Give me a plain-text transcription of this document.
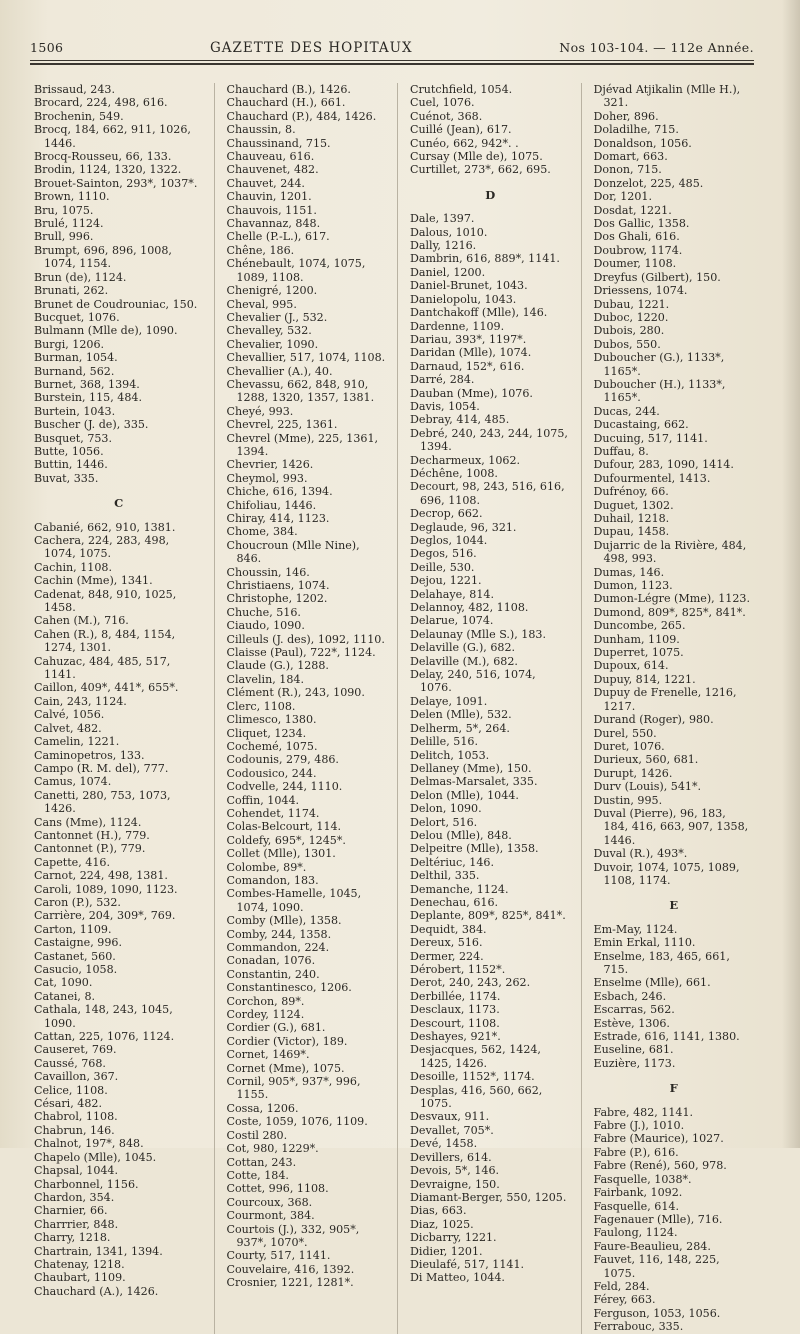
1506	GAZETTE DES HOPITAUX	Nos 103-104. — 112e Année.
Brissaud, 243.
Brocard, 224, 498, 616.
Brochenin, 549.
Brocq, 184, 662, 911, 1026, 1446.
Brocq-Rousseu, 66, 133.
Brodin, 1124, 1320, 1322.
Brouet-Sainton, 293*, 1037*.
Brown, 1110.
Bru, 1075.
Brulé, 1124.
Brull, 996.
Brumpt, 696, 896, 1008, 1074, 1154.
Brun (de), 1124.
Brunati, 262.
Brunet de Coudrouniac, 150.
Bucquet, 1076.
Bulmann (Mlle de), 1090.
Burgi, 1206.
Burman, 1054.
Burnand, 562.
Burnet, 368, 1394.
Burstein, 115, 484.
Burtein, 1043.
Buscher (J. de), 335.
Busquet, 753.
Butte, 1056.
Buttin, 1446.
Buvat, 335.
C
Cabanié, 662, 910, 1381.
Cachera, 224, 283, 498, 1074, 1075.
Cachin, 1108.
Cachin (Mme), 1341.
Cadenat, 848, 910, 1025, 1458.
Cahen (M.), 716.
Cahen (R.), 8, 484, 1154, 1274, 1301.
Cahuzac, 484, 485, 517, 1141.
Caillon, 409*, 441*, 655*.
Cain, 243, 1124.
Calvé, 1056.
Calvet, 482.
Camelin, 1221.
Caminopetros, 133.
Campo (R. M. del), 777.
Camus, 1074.
Canetti, 280, 753, 1073, 1426.
Cans (Mme), 1124.
Cantonnet (H.), 779.
Cantonnet (P.), 779.
Capette, 416.
Carnot, 224, 498, 1381.
Caroli, 1089, 1090, 1123.
Caron (P.), 532.
Carrière, 204, 309*, 769.
Carton, 1109.
Castaigne, 996.
Castanet, 560.
Casucio, 1058.
Cat, 1090.
Catanei, 8.
Cathala, 148, 243, 1045, 1090.
Cattan, 225, 1076, 1124.
Causeret, 769.
Caussé, 768.
Cavaillon, 367.
Celice, 1108.
Césari, 482.
Chabrol, 1108.
Chabrun, 146.
Chalnot, 197*, 848.
Chapelo (Mlle), 1045.
Chapsal, 1044.
Charbonnel, 1156.
Chardon, 354.
Charnier, 66.
Charrrier, 848.
Charry, 1218.
Chartrain, 1341, 1394.
Chatenay, 1218.
Chaubart, 1109.
Chauchard (A.), 1426.
Chauchard (B.), 1426.
Chauchard (H.), 661.
Chauchard (P.), 484, 1426.
Chaussin, 8.
Chaussinand, 715.
Chauveau, 616.
Chauvenet, 482.
Chauvet, 244.
Chauvin, 1201.
Chauvois, 1151.
Chavannaz, 848.
Chelle (P.-L.), 617.
Chêne, 186.
Chénebault, 1074, 1075, 1089, 1108.
Chenigré, 1200.
Cheval, 995.
Chevalier (J., 532.
Chevalley, 532.
Chevalier, 1090.
Chevallier, 517, 1074, 1108.
Chevallier (A.), 40.
Chevassu, 662, 848, 910, 1288, 1320, 1357, 1381.
Cheyé, 993.
Chevrel, 225, 1361.
Chevrel (Mme), 225, 1361, 1394.
Chevrier, 1426.
Cheymol, 993.
Chiche, 616, 1394.
Chifoliau, 1446.
Chiray, 414, 1123.
Chome, 384.
Choucroun (Mlle Nine), 846.
Choussin, 146.
Christiaens, 1074.
Christophe, 1202.
Chuche, 516.
Ciaudo, 1090.
Cilleuls (J. des), 1092, 1110.
Claisse (Paul), 722*, 1124.
Claude (G.), 1288.
Clavelin, 184.
Clément (R.), 243, 1090.
Clerc, 1108.
Climesco, 1380.
Cliquet, 1234.
Cochemé, 1075.
Codounis, 279, 486.
Codousico, 244.
Codvelle, 244, 1110.
Coffin, 1044.
Cohendet, 1174.
Colas-Belcourt, 114.
Coldefy, 695*, 1245*.
Collet (Mlle), 1301.
Colombe, 89*.
Comandon, 183.
Combes-Hamelle, 1045, 1074, 1090.
Comby (Mlle), 1358.
Comby, 244, 1358.
Commandon, 224.
Conadan, 1076.
Constantin, 240.
Constantinesco, 1206.
Corchon, 89*.
Cordey, 1124.
Cordier (G.), 681.
Cordier (Victor), 189.
Cornet, 1469*.
Cornet (Mme), 1075.
Cornil, 905*, 937*, 996, 1155.
Cossa, 1206.
Coste, 1059, 1076, 1109.
Costil 280.
Cot, 980, 1229*.
Cottan, 243.
Cotte, 184.
Cottet, 996, 1108.
Courcoux, 368.
Courmont, 384.
Courtois (J.), 332, 905*, 937*, 1070*.
Courty, 517, 1141.
Couvelaire, 416, 1392.
Crosnier, 1221, 1281*.
Crutchfield, 1054.
Cuel, 1076.
Cuénot, 368.
Cuillé (Jean), 617.
Cunéo, 662, 942*. .
Cursay (Mlle de), 1075.
Curtillet, 273*, 662, 695.
D
Dale, 1397.
Dalous, 1010.
Dally, 1216.
Dambrin, 616, 889*, 1141.
Daniel, 1200.
Daniel-Brunet, 1043.
Danielopolu, 1043.
Dantchakoff (Mlle), 146.
Dardenne, 1109.
Dariau, 393*, 1197*.
Daridan (Mlle), 1074.
Darnaud, 152*, 616.
Darré, 284.
Dauban (Mme), 1076.
Davis, 1054.
Debray, 414, 485.
Debré, 240, 243, 244, 1075, 1394.
Decharmeux, 1062.
Déchêne, 1008.
Decourt, 98, 243, 516, 616, 696, 1108.
Decrop, 662.
Deglaude, 96, 321.
Deglos, 1044.
Degos, 516.
Deille, 530.
Dejou, 1221.
Delahaye, 814.
Delannoy, 482, 1108.
Delarue, 1074.
Delaunay (Mlle S.), 183.
Delaville (G.), 682.
Delaville (M.), 682.
Delay, 240, 516, 1074, 1076.
Delaye, 1091.
Delen (Mlle), 532.
Delherm, 5*, 264.
Delille, 516.
Delitch, 1053.
Dellaney (Mme), 150.
Delmas-Marsalet, 335.
Delon (Mlle), 1044.
Delon, 1090.
Delort, 516.
Delou (Mlle), 848.
Delpeitre (Mlle), 1358.
Deltériuc, 146.
Delthil, 335.
Demanche, 1124.
Denechau, 616.
Deplante, 809*, 825*, 841*.
Dequidt, 384.
Dereux, 516.
Dermer, 224.
Dérobert, 1152*.
Derot, 240, 243, 262.
Derbillée, 1174.
Desclaux, 1173.
Descourt, 1108.
Deshayes, 921*.
Desjacques, 562, 1424, 1425, 1426.
Desoille, 1152*, 1174.
Desplas, 416, 560, 662, 1075.
Desvaux, 911.
Devallet, 705*.
Devé, 1458.
Devillers, 614.
Devois, 5*, 146.
Devraigne, 150.
Diamant-Berger, 550, 1205.
Dias, 663.
Diaz, 1025.
Dicbarry, 1221.
Didier, 1201.
Dieulafé, 517, 1141.
Di Matteo, 1044.
Djévad Atjikalin (Mlle H.), 321.
Doher, 896.
Doladilhe, 715.
Donaldson, 1056.
Domart, 663.
Donon, 715.
Donzelot, 225, 485.
Dor, 1201.
Dosdat, 1221.
Dos Gallic, 1358.
Dos Ghali, 616.
Doubrow, 1174.
Doumer, 1108.
Dreyfus (Gilbert), 150.
Driessens, 1074.
Dubau, 1221.
Duboc, 1220.
Dubois, 280.
Dubos, 550.
Duboucher (G.), 1133*, 1165*.
Duboucher (H.), 1133*, 1165*.
Ducas, 244.
Ducastaing, 662.
Ducuing, 517, 1141.
Duffau, 8.
Dufour, 283, 1090, 1414.
Dufourmentel, 1413.
Dufrénoy, 66.
Duguet, 1302.
Duhail, 1218.
Dupau, 1458.
Dujarric de la Rivière, 484, 498, 993.
Dumas, 146.
Dumon, 1123.
Dumon-Légre (Mme), 1123.
Dumond, 809*, 825*, 841*.
Duncombe, 265.
Dunham, 1109.
Duperret, 1075.
Dupoux, 614.
Dupuy, 814, 1221.
Dupuy de Frenelle, 1216, 1217.
Durand (Roger), 980.
Durel, 550.
Duret, 1076.
Durieux, 560, 681.
Durupt, 1426.
Durv (Louis), 541*.
Dustin, 995.
Duval (Pierre), 96, 183, 184, 416, 663, 907, 1358, 1446.
Duval (R.), 493*.
Duvoir, 1074, 1075, 1089, 1108, 1174.
E
Em-May, 1124.
Emin Erkal, 1110.
Enselme, 183, 465, 661, 715.
Enselme (Mlle), 661.
Esbach, 246.
Escarras, 562.
Estève, 1306.
Estrade, 616, 1141, 1380.
Euseline, 681.
Euzière, 1173.
F
Fabre, 482, 1141.
Fabre (J.), 1010.
Fabre (Maurice), 1027.
Fabre (P.), 616.
Fabre (René), 560, 978.
Fasquelle, 1038*.
Fairbank, 1092.
Fasquelle, 614.
Fagenauer (Mlle), 716.
Faulong, 1124.
Faure-Beaulieu, 284.
Fauvet, 116, 148, 225, 1075.
Feld, 284.
Férey, 663.
Ferguson, 1053, 1056.
Ferrabouc, 335.
